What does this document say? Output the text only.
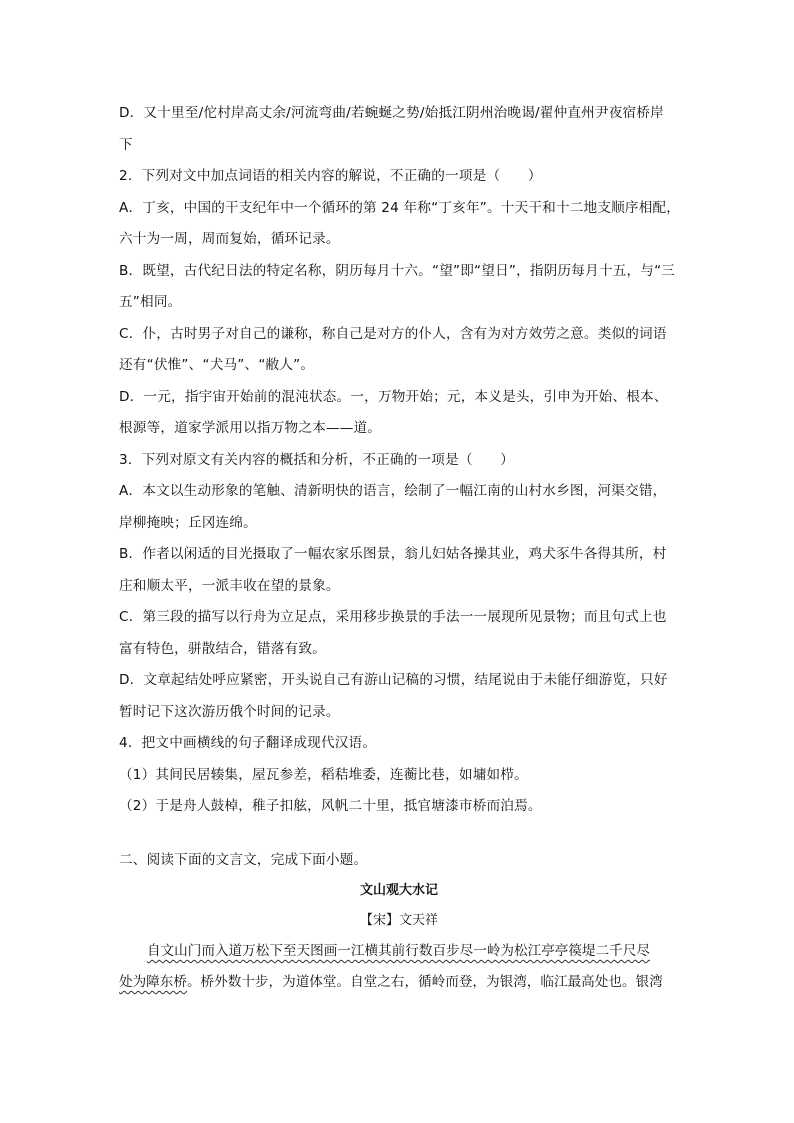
D．又十里至/佗村岸高丈余/河流弯曲/若蜿蜒之势/始抵江阴州治晚谒/翟仲直州尹夜宿桥岸
下
2．下列对文中加点词语的相关内容的解说，不正确的一项是（　　）
A．丁亥，中国的干支纪年中一个循环的第 24 年称“丁亥年”。十天干和十二地支顺序相配，
六十为一周，周而复始，循环记录。
B．既望，古代纪日法的特定名称，阴历每月十六。“望”即“望日”，指阴历每月十五，与“三
五”相同。
C．仆，古时男子对自己的谦称，称自己是对方的仆人，含有为对方效劳之意。类似的词语
还有“伏惟”、“犬马”、“敝人”。
D．一元，指宇宙开始前的混沌状态。一，万物开始；元，本义是头，引申为开始、根本、
根源等，道家学派用以指万物之本——道。
3．下列对原文有关内容的概括和分析，不正确的一项是（　　）
A．本文以生动形象的笔触、清新明快的语言，绘制了一幅江南的山村水乡图，河渠交错，
岸柳掩映；丘冈连绵。
B．作者以闲适的目光摄取了一幅农家乐图景，翁儿妇姑各操其业，鸡犬豕牛各得其所，村
庄和顺太平，一派丰收在望的景象。
C．第三段的描写以行舟为立足点，采用移步换景的手法一一展现所见景物；而且句式上也
富有特色，骈散结合，错落有致。
D．文章起结处呼应紧密，开头说自己有游山记稿的习惯，结尾说由于未能仔细游览，只好
暂时记下这次游历俄个时间的记录。
4．把文中画横线的句子翻译成现代汉语。
（1）其间民居辏集，屋瓦参差，稻秸堆委，连蘅比巷，如墉如栉。
（2）于是舟人鼓棹，稚子扣舷，风帆二十里，抵官塘漆市桥而泊焉。
二、阅读下面的文言文，完成下面小题。
文山观大水记
【宋】文天祥
自文山门而入道万松下至天图画一江横其前行数百步尽一岭为松江亭亭篌堤二千尺尽
处为障东桥。桥外数十步，为道体堂。自堂之右，循岭而登，为银湾，临江最高处也。银湾
